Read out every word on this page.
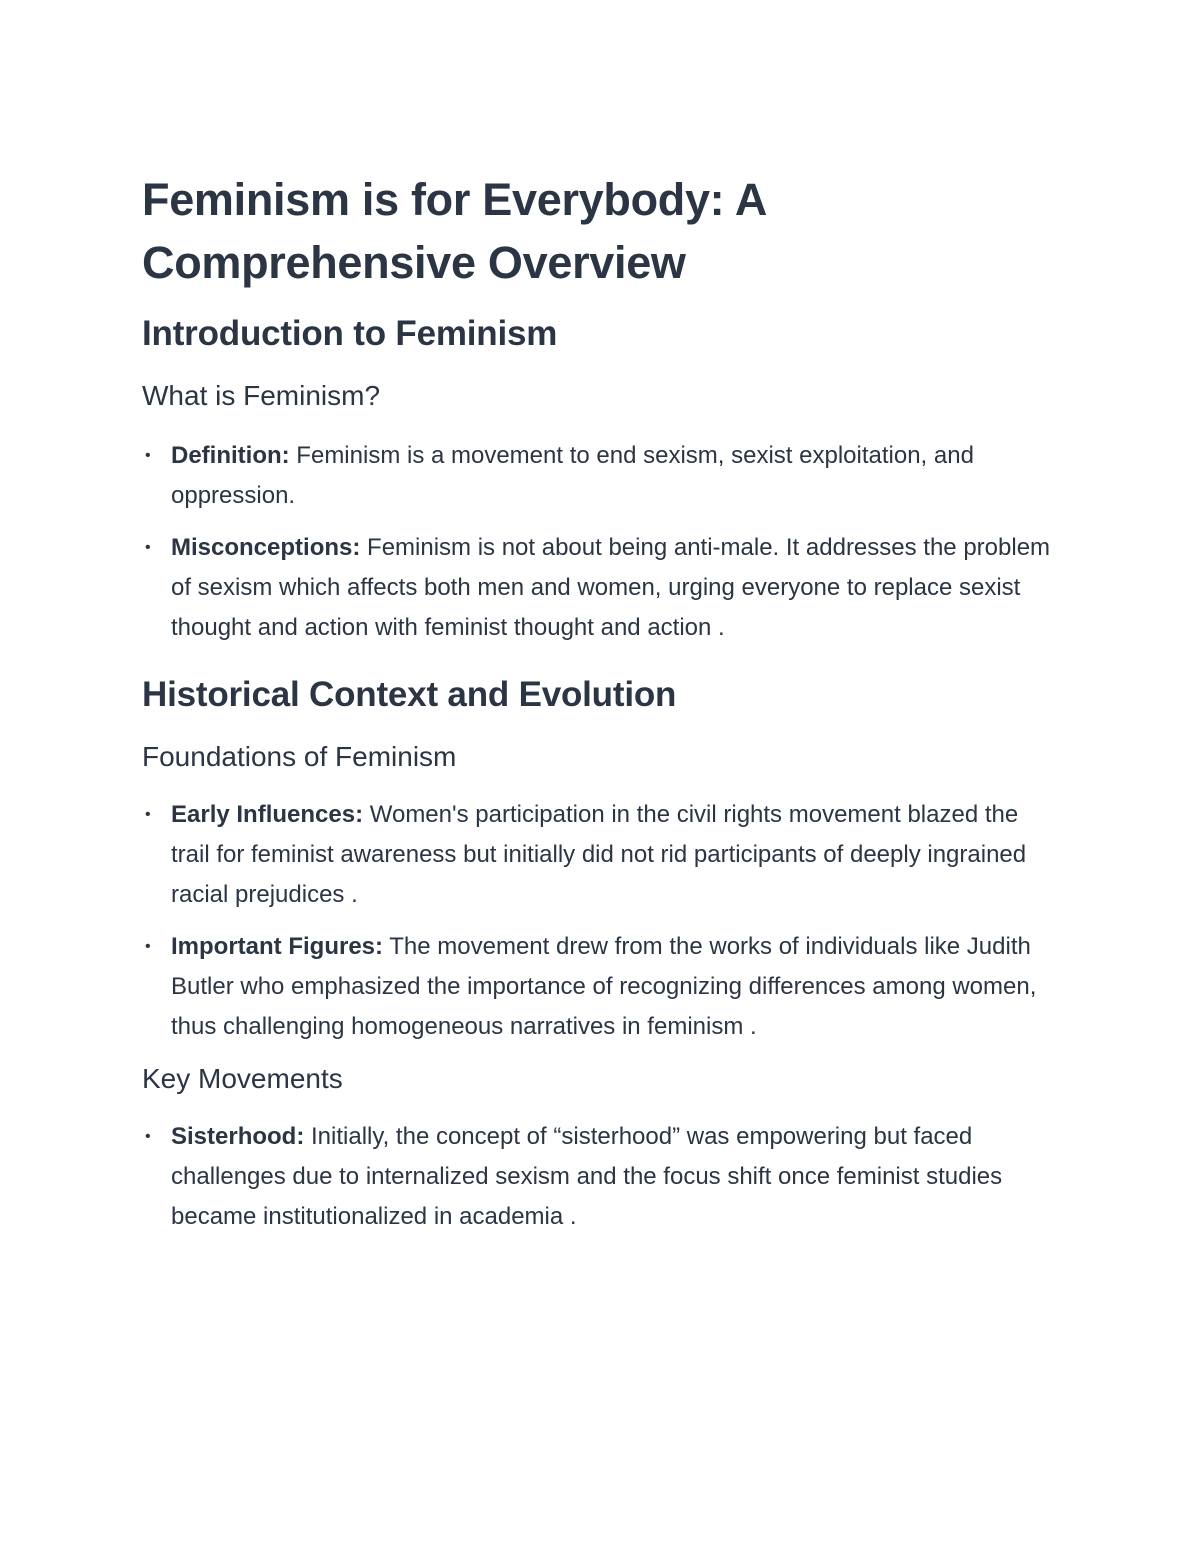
Feminism is for Everybody: A Comprehensive Overview
Introduction to Feminism
What is Feminism?
• Definition: Feminism is a movement to end sexism, sexist exploitation, and oppression.
• Misconceptions: Feminism is not about being anti-male. It addresses the problem of sexism which affects both men and women, urging everyone to replace sexist thought and action with feminist thought and action .
Historical Context and Evolution
Foundations of Feminism
• Early Influences: Women's participation in the civil rights movement blazed the trail for feminist awareness but initially did not rid participants of deeply ingrained racial prejudices .
• Important Figures: The movement drew from the works of individuals like Judith Butler who emphasized the importance of recognizing differences among women, thus challenging homogeneous narratives in feminism .
Key Movements
• Sisterhood: Initially, the concept of “sisterhood” was empowering but faced challenges due to internalized sexism and the focus shift once feminist studies became institutionalized in academia .
